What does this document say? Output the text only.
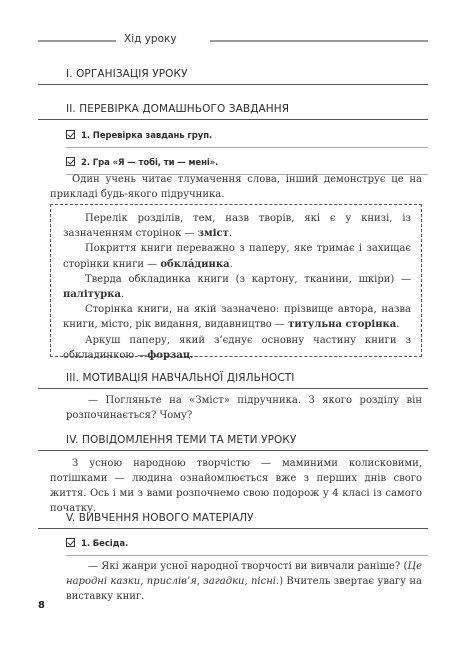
Хід уроку
I. ОРГАНІЗАЦІЯ УРОКУ
II. ПЕРЕВІРКА ДОМАШНЬОГО ЗАВДАННЯ
1. Перевірка завдань груп.
2. Гра «Я — тобі, ти — мені».

Один учень читає тлумачення слова, інший демонструє це на прикладі будь-якого підручника.

Перелік розділів, тем, назв творів, які є у книзі, із зазначенням сторінок — зміст.

Покриття книги переважно з паперу, яке тримає і захищає сторінки книги — обкла́динка.

Тверда обкладинка книги (з картону, тканини, шкіри) — палітурка.

Сторінка книги, на якій зазначено: прізвище автора, назва книги, місто, рік видання, видавництво — титульна сторінка.

Аркуш паперу, який з’єднує основну частину книги з обкладинкою —форзац.

III. МОТИВАЦІЯ НАВЧАЛЬНОЇ ДІЯЛЬНОСТІ

— Погляньте на «Зміст» підручника. З якого розділу він розпочинається? Чому?

IV. ПОВІДОМЛЕННЯ ТЕМИ ТА МЕТИ УРОКУ

З усною народною творчістю — маминими колисковими, потішками — людина ознайомлюється вже з перших днів свого життя. Ось і ми з вами розпочнемо свою подорож у 4 класі із самого початку.

V. ВИВЧЕННЯ НОВОГО МАТЕРІАЛУ
1. Бесіда.

— Які жанри усної народної творчості ви вивчали раніше? (Це народні казки, прислів’я, загадки, пісні.) Вчитель звертає увагу на виставку книг.

8
